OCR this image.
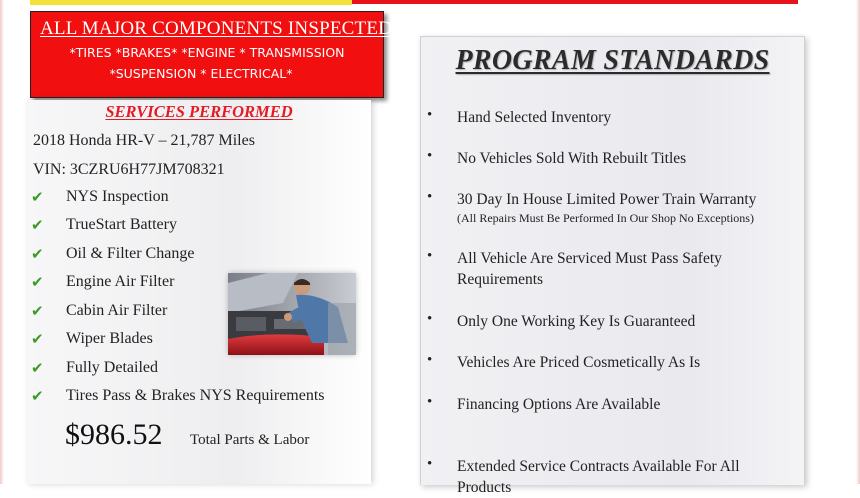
ALL MAJOR COMPONENTS INSPECTED
*TIRES *BRAKES* *ENGINE * TRANSMISSION
*SUSPENSION * ELECTRICAL*
SERVICES PERFORMED
2018 Honda HR-V – 21,787 Miles
VIN: 3CZRU6H77JM708321
✔ NYS Inspection
✔ TrueStart Battery
✔ Oil & Filter Change
✔ Engine Air Filter
✔ Cabin Air Filter
✔ Wiper Blades
✔ Fully Detailed
✔ Tires Pass & Brakes NYS Requirements
$986.52 Total Parts & Labor
PROGRAM STANDARDS
• Hand Selected Inventory
• No Vehicles Sold With Rebuilt Titles
• 30 Day In House Limited Power Train Warranty
(All Repairs Must Be Performed In Our Shop No Exceptions)
• All Vehicle Are Serviced Must Pass Safety Requirements
• Only One Working Key Is Guaranteed
• Vehicles Are Priced Cosmetically As Is
• Financing Options Are Available
• Extended Service Contracts Available For All Products
